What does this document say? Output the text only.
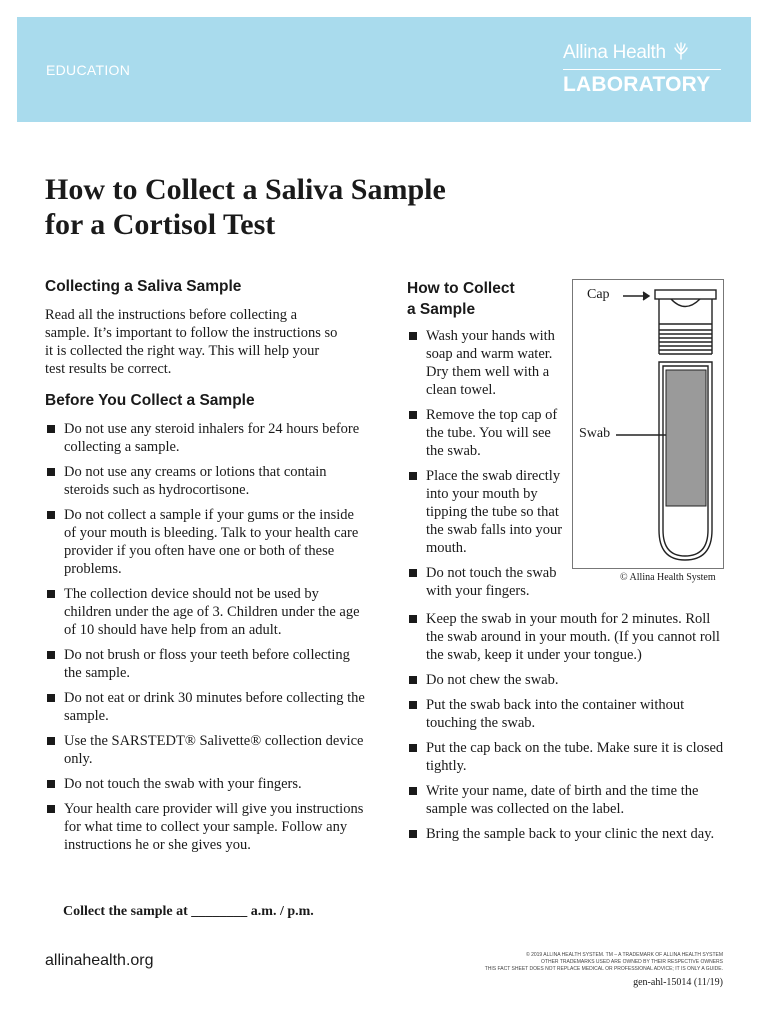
EDUCATION
Allina Health
LABORATORY
How to Collect a Saliva Sample
for a Cortisol Test
Collecting a Saliva Sample

Read all the instructions before collecting a sample. It’s important to follow the instructions so it is collected the right way. This will help your test results be correct.

Before You Collect a Sample
Do not use any steroid inhalers for 24 hours before collecting a sample.
Do not use any creams or lotions that contain steroids such as hydrocortisone.
Do not collect a sample if your gums or the inside of your mouth is bleeding. Talk to your health care provider if you often have one or both of these problems.
The collection device should not be used by children under the age of 3. Children under the age of 10 should have help from an adult.
Do not brush or floss your teeth before collecting the sample.
Do not eat or drink 30 minutes before collecting the sample.
Use the SARSTEDT® Salivette® collection device only.
Do not touch the swab with your fingers.
Your health care provider will give you instructions for what time to collect your sample. Follow any instructions he or she gives you.
Collect the sample at ________ a.m. / p.m.
How to Collect
a Sample
Wash your hands with soap and warm water. Dry them well with a clean towel.
Remove the top cap of the tube. You will see the swab.
Place the swab directly into your mouth by tipping the tube so that the swab falls into your mouth.
Do not touch the swab with your fingers.
Keep the swab in your mouth for 2 minutes. Roll the swab around in your mouth. (If you cannot roll the swab, keep it under your tongue.)
Do not chew the swab.
Put the swab back into the container without touching the swab.
Put the cap back on the tube. Make sure it is closed tightly.
Write your name, date of birth and the time the sample was collected on the label.
Bring the sample back to your clinic the next day.
Cap
Swab
© Allina Health System
allinahealth.org	© 2019 ALLINA HEALTH SYSTEM. TM – A TRADEMARK OF ALLINA HEALTH SYSTEM
OTHER TRADEMARKS USED ARE OWNED BY THEIR RESPECTIVE OWNERS
THIS FACT SHEET DOES NOT REPLACE MEDICAL OR PROFESSIONAL ADVICE; IT IS ONLY A GUIDE.
gen-ahl-15014 (11/19)
